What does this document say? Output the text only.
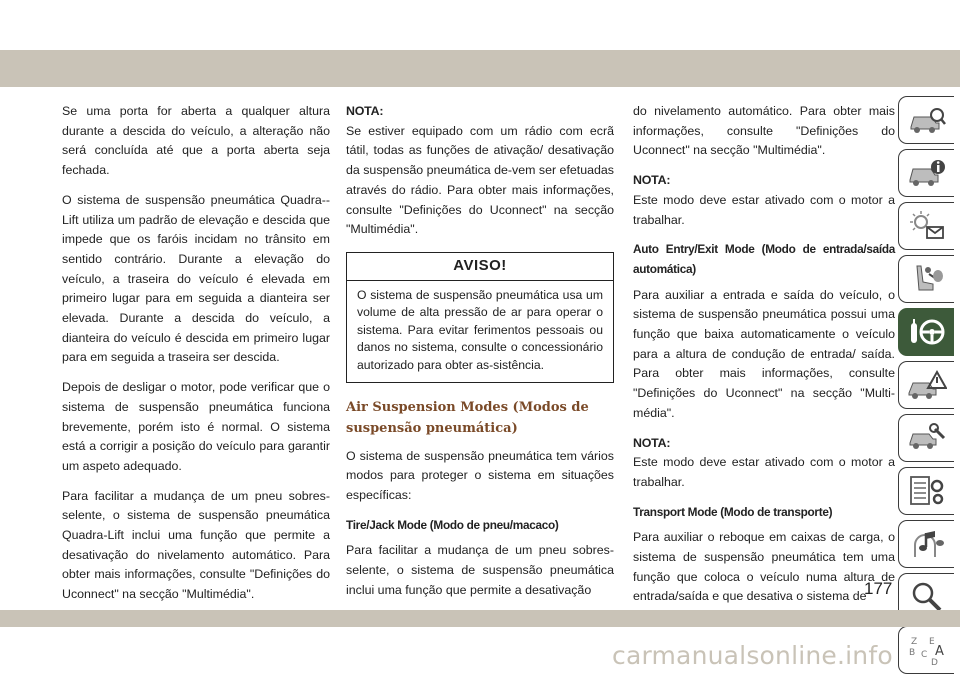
Se uma porta for aberta a qualquer altura durante a descida do veículo, a alteração não será concluída até que a porta aberta seja fechada.

O sistema de suspensão pneumática Quadra--Lift utiliza um padrão de elevação e descida que impede que os faróis incidam no trânsito em sentido contrário. Durante a elevação do veículo, a traseira do veículo é elevada em primeiro lugar para em seguida a dianteira ser elevada. Durante a descida do veículo, a dianteira do veículo é descida em primeiro lugar para em seguida a traseira ser descida.

Depois de desligar o motor, pode verificar que o sistema de suspensão pneumática funciona brevemente, porém isto é normal. O sistema está a corrigir a posição do veículo para garantir um aspeto adequado.

Para facilitar a mudança de um pneu sobres-selente, o sistema de suspensão pneumática Quadra-Lift inclui uma função que permite a desativação do nivelamento automático. Para obter mais informações, consulte "Definições do Uconnect" na secção "Multimédia".

NOTA:

Se estiver equipado com um rádio com ecrã tátil, todas as funções de ativação/ desativação da suspensão pneumática de-vem ser efetuadas através do rádio. Para obter mais informações, consulte "Definições do Uconnect" na secção "Multimédia".

AVISO!
O sistema de suspensão pneumática usa um volume de alta pressão de ar para operar o sistema. Para evitar ferimentos pessoais ou danos no sistema, consulte o concessionário autorizado para obter as-sistência.
Air Suspension Modes (Modos de suspensão pneumática)

O sistema de suspensão pneumática tem vários modos para proteger o sistema em situações específicas:

Tire/Jack Mode (Modo de pneu/macaco)

Para facilitar a mudança de um pneu sobres-selente, o sistema de suspensão pneumática inclui uma função que permite a desativação

do nivelamento automático. Para obter mais informações, consulte "Definições do Uconnect" na secção "Multimédia".

NOTA:

Este modo deve estar ativado com o motor a trabalhar.

Auto Entry/Exit Mode (Modo de entrada/saída automática)

Para auxiliar a entrada e saída do veículo, o sistema de suspensão pneumática possui uma função que baixa automaticamente o veículo para a altura de condução de entrada/ saída. Para obter mais informações, consulte "Definições do Uconnect" na secção "Multi-média".

NOTA:

Este modo deve estar ativado com o motor a trabalhar.

Transport Mode (Modo de transporte)

Para auxiliar o reboque em caixas de carga, o sistema de suspensão pneumática tem uma função que coloca o veículo numa altura de entrada/saída e que desativa o sistema de

Z E
B C A
D
177
carmanualsonline.info
